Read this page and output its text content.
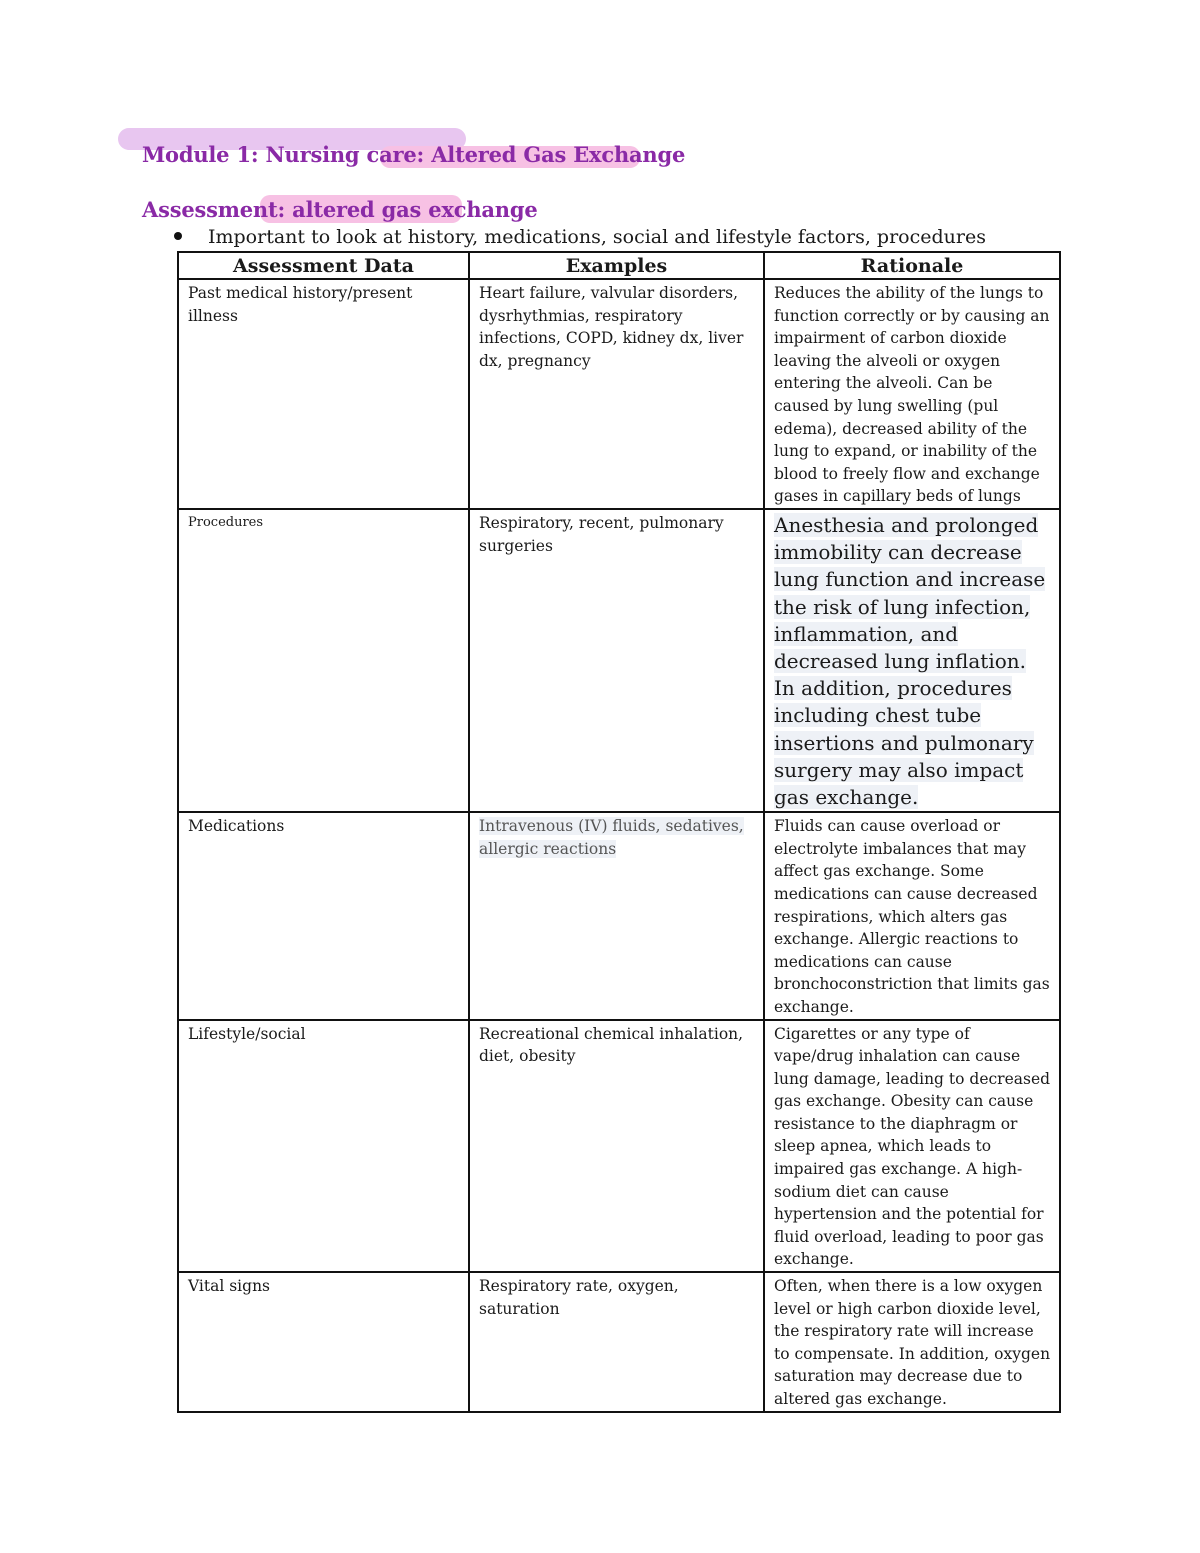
Module 1: Nursing care: Altered Gas Exchange
Assessment: altered gas exchange
Important to look at history, medications, social and lifestyle factors, procedures
Assessment Data	Examples	Rationale
Past medical history/present illness	Heart failure, valvular disorders, dysrhythmias, respiratory infections, COPD, kidney dx, liver dx, pregnancy	Reduces the ability of the lungs to function correctly or by causing an impairment of carbon dioxide leaving the alveoli or oxygen entering the alveoli. Can be caused by lung swelling (pul edema), decreased ability of the lung to expand, or inability of the blood to freely flow and exchange gases in capillary beds of lungs
Procedures	Respiratory, recent, pulmonary surgeries	Anesthesia and prolonged immobility can decrease lung function and increase the risk of lung infection, inflammation, and decreased lung inflation. In addition, procedures including chest tube insertions and pulmonary surgery may also impact gas exchange.
Medications	Intravenous (IV) fluids, sedatives, allergic reactions	Fluids can cause overload or electrolyte imbalances that may affect gas exchange. Some medications can cause decreased respirations, which alters gas exchange. Allergic reactions to medications can cause bronchoconstriction that limits gas exchange.
Lifestyle/social	Recreational chemical inhalation, diet, obesity	Cigarettes or any type of vape/drug inhalation can cause lung damage, leading to decreased gas exchange. Obesity can cause resistance to the diaphragm or sleep apnea, which leads to impaired gas exchange. A high-sodium diet can cause hypertension and the potential for fluid overload, leading to poor gas exchange.
Vital signs	Respiratory rate, oxygen, saturation	Often, when there is a low oxygen level or high carbon dioxide level, the respiratory rate will increase to compensate. In addition, oxygen saturation may decrease due to altered gas exchange.
